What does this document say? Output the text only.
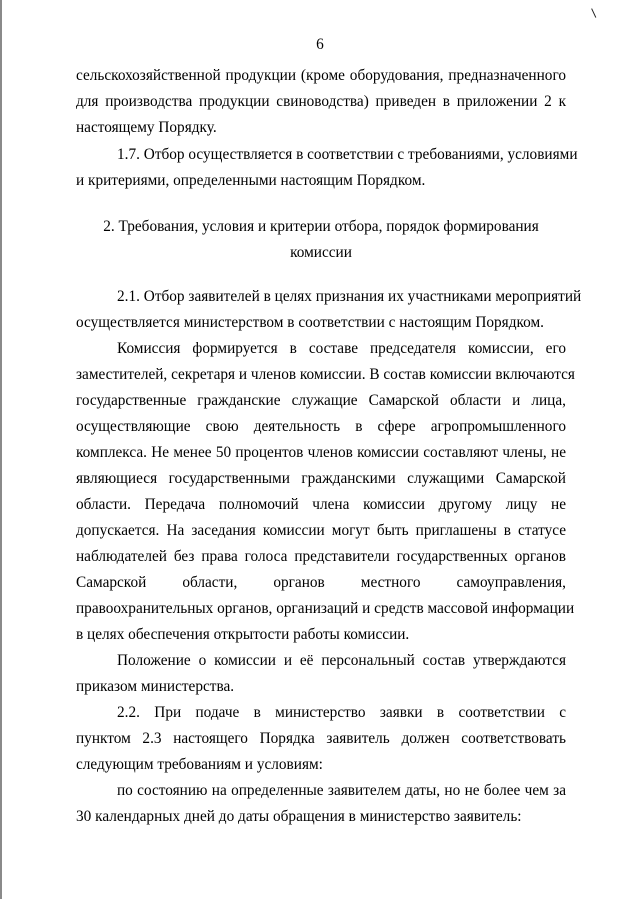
6
сельскохозяйственной продукции (кроме оборудования, предназначенного
для производства продукции свиноводства) приведен в приложении 2 к
настоящему Порядку.
1.7. Отбор осуществляется в соответствии с требованиями, условиями
и критериями, определенными настоящим Порядком.
2. Требования, условия и критерии отбора, порядок формирования
комиссии
2.1. Отбор заявителей в целях признания их участниками мероприятий
осуществляется министерством в соответствии с настоящим Порядком.
Комиссия формируется в составе председателя комиссии, его
заместителей, секретаря и членов комиссии. В состав комиссии включаются
государственные гражданские служащие Самарской области и лица,
осуществляющие свою деятельность в сфере агропромышленного
комплекса. Не менее 50 процентов членов комиссии составляют члены, не
являющиеся государственными гражданскими служащими Самарской
области. Передача полномочий члена комиссии другому лицу не
допускается. На заседания комиссии могут быть приглашены в статусе
наблюдателей без права голоса представители государственных органов
Самарской области, органов местного самоуправления,
правоохранительных органов, организаций и средств массовой информации
в целях обеспечения открытости работы комиссии.
Положение о комиссии и её персональный состав утверждаются
приказом министерства.
2.2. При подаче в министерство заявки в соответствии с
пунктом 2.3 настоящего Порядка заявитель должен соответствовать
следующим требованиям и условиям:
по состоянию на определенные заявителем даты, но не более чем за
30 календарных дней до даты обращения в министерство заявитель:
